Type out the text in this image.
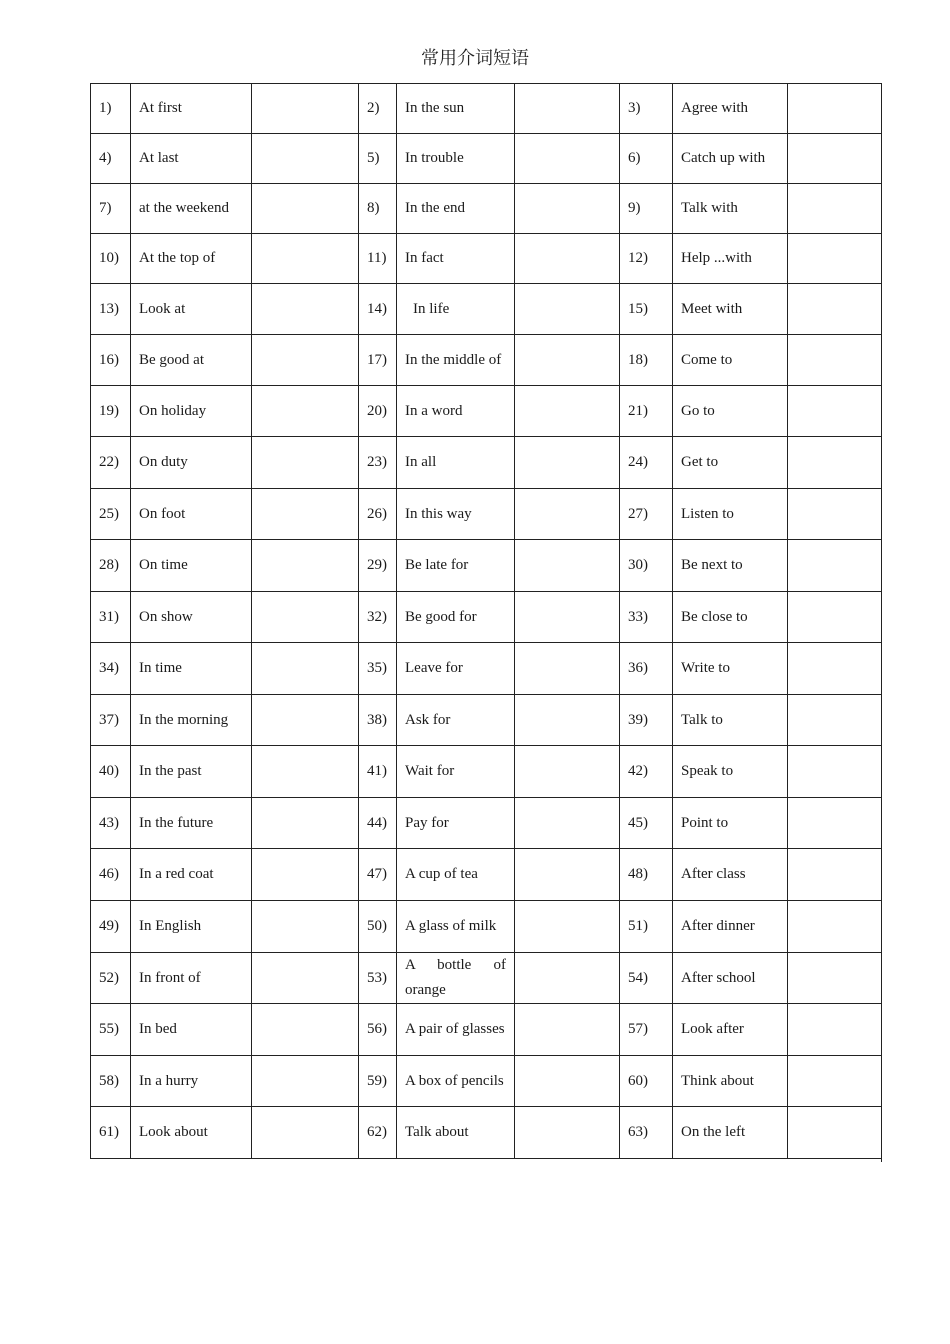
常用介词短语
1)	At first		2)	In the sun		3)	Agree with	
4)	At last		5)	In trouble		6)	Catch up with	
7)	at the weekend		8)	In the end		9)	Talk with	
10)	At the top of		11)	In fact		12)	Help ...with	
13)	Look at		14)	In life		15)	Meet with	
16)	Be good at		17)	In the middle of		18)	Come to	
19)	On holiday		20)	In a word		21)	Go to	
22)	On duty		23)	In all		24)	Get to	
25)	On foot		26)	In this way		27)	Listen to	
28)	On time		29)	Be late for		30)	Be next to	
31)	On show		32)	Be good for		33)	Be close to	
34)	In time		35)	Leave for		36)	Write to	
37)	In the morning		38)	Ask for		39)	Talk to	
40)	In the past		41)	Wait for		42)	Speak to	
43)	In the future		44)	Pay for		45)	Point to	
46)	In a red coat		47)	A cup of tea		48)	After class	
49)	In English		50)	A glass of milk		51)	After dinner	
52)	In front of		53)	A bottle of orange		54)	After school	
55)	In bed		56)	A pair of glasses		57)	Look after	
58)	In a hurry		59)	A box of pencils		60)	Think about	
61)	Look about		62)	Talk about		63)	On the left	
